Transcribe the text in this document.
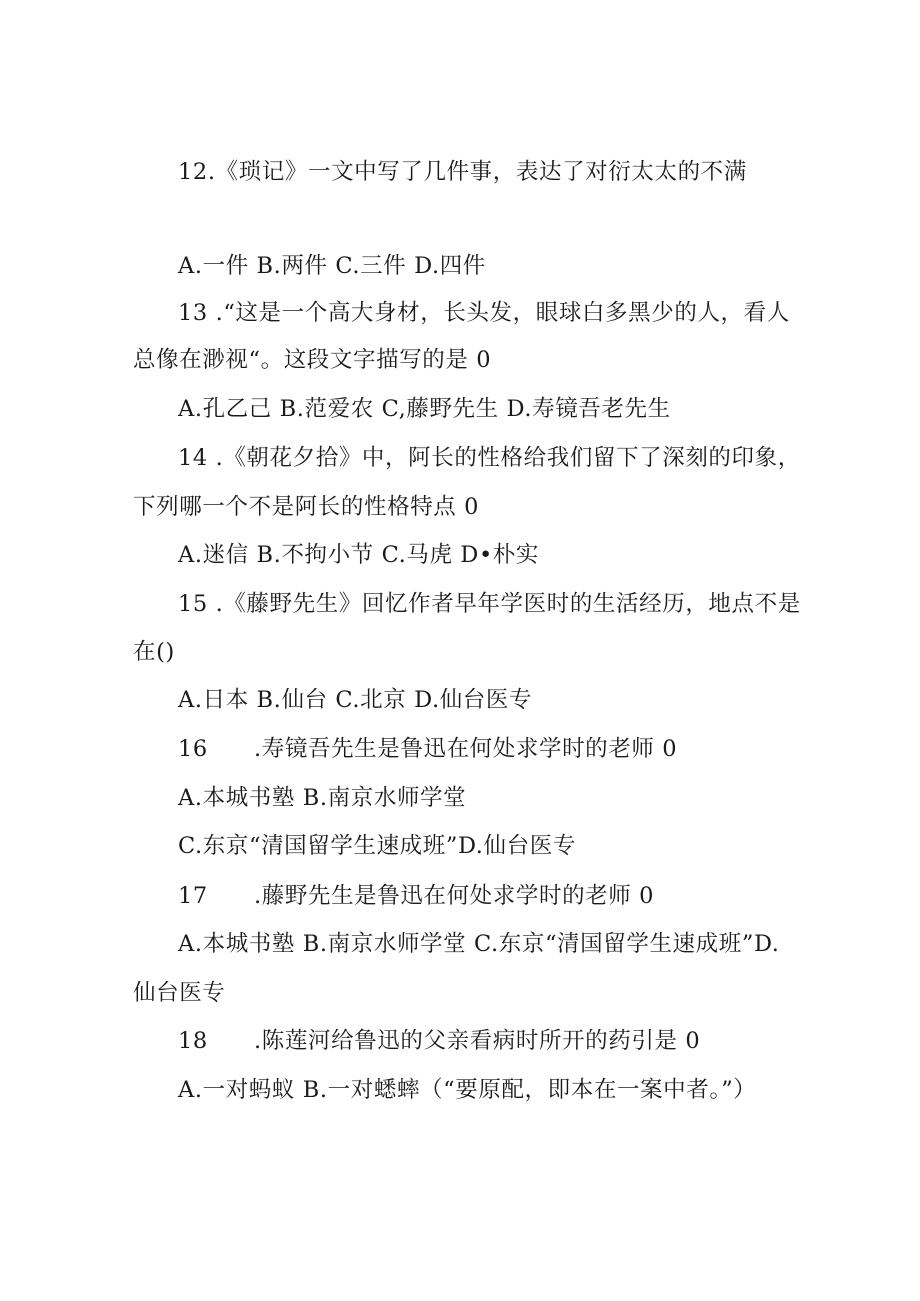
12.《琐记》一文中写了几件事，表达了对衍太太的不满
A.一件 B.两件 C.三件 D.四件
13 .“这是一个高大身材，长头发，眼球白多黑少的人，看人
总像在渺视“。这段文字描写的是 0
A.孔乙己 B.范爱农 C,藤野先生 D.寿镜吾老先生
14 .《朝花夕拾》中，阿长的性格给我们留下了深刻的印象，
下列哪一个不是阿长的性格特点 0
A.迷信 B.不拘小节 C.马虎 D•朴实
15 .《藤野先生》回忆作者早年学医时的生活经历，地点不是
在()
A.日本 B.仙台 C.北京 D.仙台医专
16　　.寿镜吾先生是鲁迅在何处求学时的老师 0
A.本城书塾 B.南京水师学堂
C.东京“清国留学生速成班”D.仙台医专
17　　.藤野先生是鲁迅在何处求学时的老师 0
A.本城书塾 B.南京水师学堂 C.东京“清国留学生速成班”D.
仙台医专
18　　.陈莲河给鲁迅的父亲看病时所开的药引是 0
A.一对蚂蚁 B.一对蟋蟀（“要原配，即本在一案中者。”）
